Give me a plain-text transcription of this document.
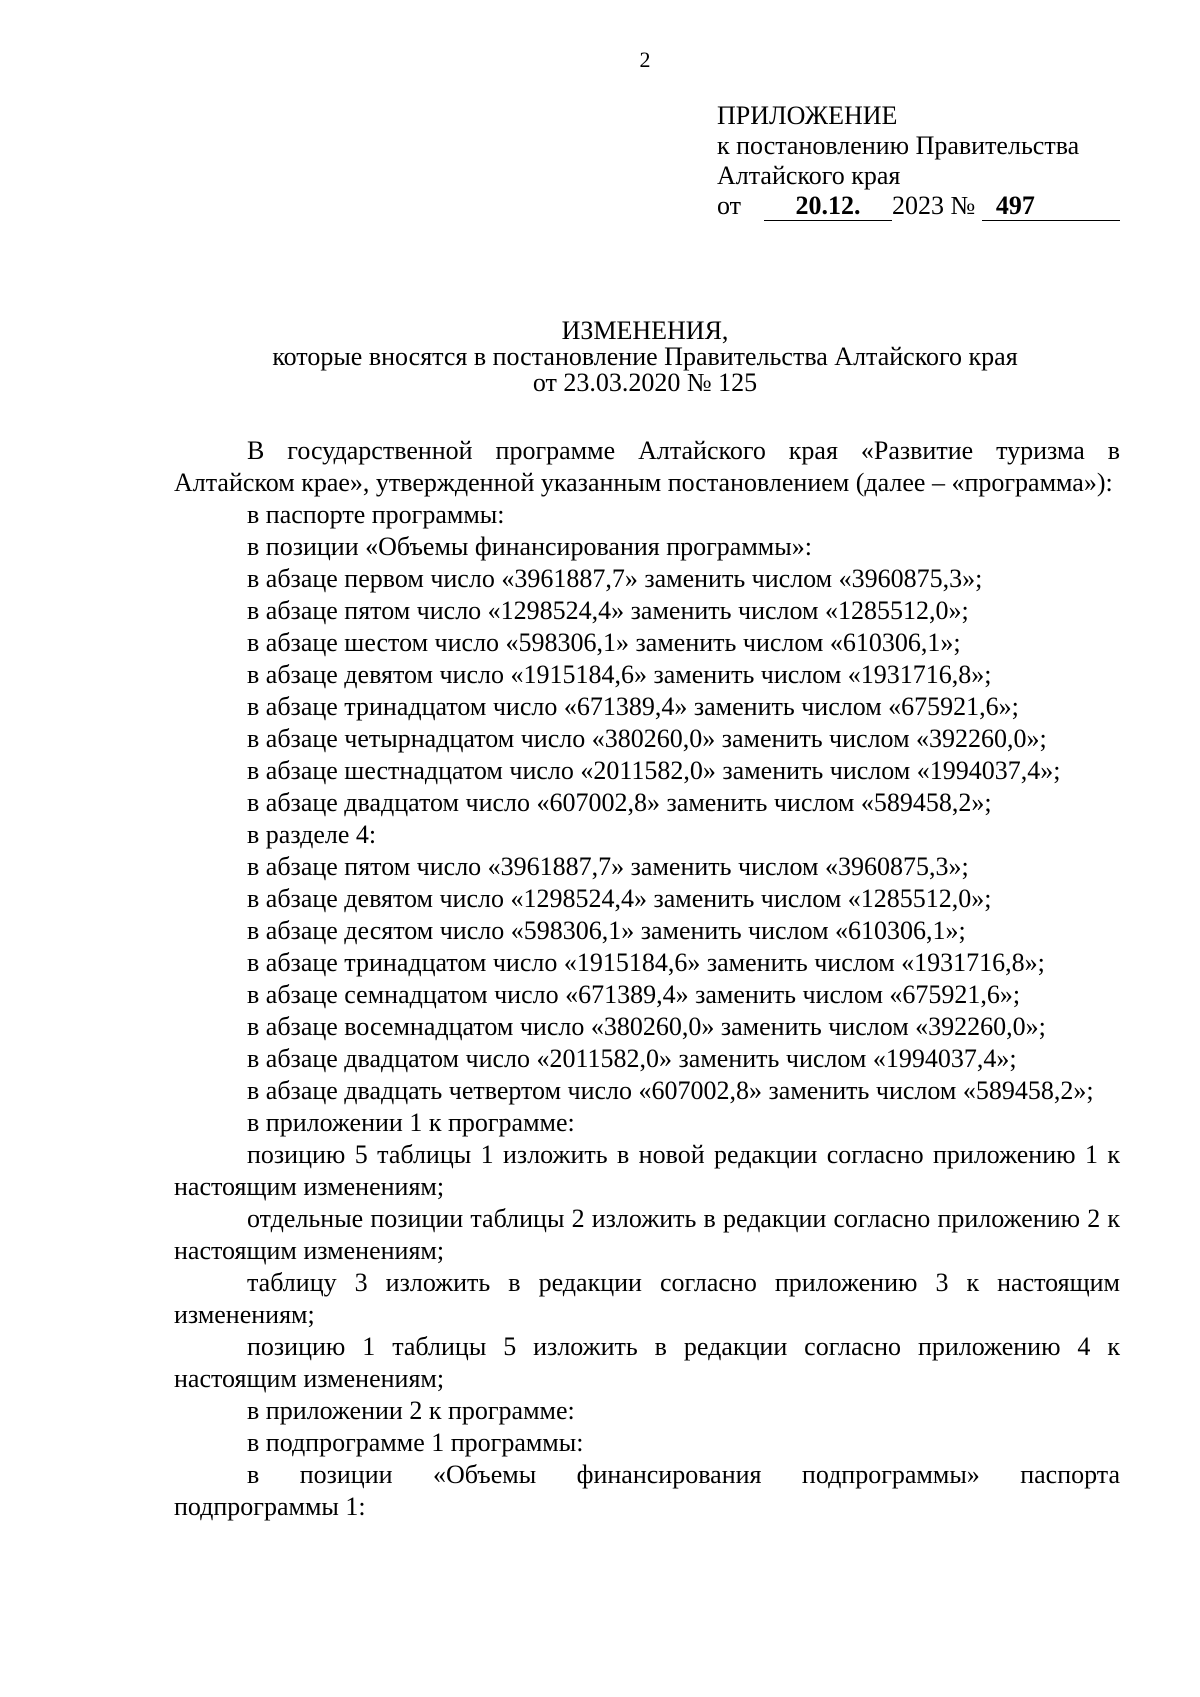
2
ПРИЛОЖЕНИЕ
к постановлению Правительства
Алтайского края
от 20.12. 2023 № 497
ИЗМЕНЕНИЯ,
которые вносятся в постановление Правительства Алтайского края
от 23.03.2020 № 125

В государственной программе Алтайского края «Развитие туризма в Алтайском крае», утвержденной указанным постановлением (далее – «программа»):

в паспорте программы:

в позиции «Объемы финансирования программы»:

в абзаце первом число «3961887,7» заменить числом «3960875,3»;

в абзаце пятом число «1298524,4» заменить числом «1285512,0»;

в абзаце шестом число «598306,1» заменить числом «610306,1»;

в абзаце девятом число «1915184,6» заменить числом «1931716,8»;

в абзаце тринадцатом число «671389,4» заменить числом «675921,6»;

в абзаце четырнадцатом число «380260,0» заменить числом «392260,0»;

в абзаце шестнадцатом число «2011582,0» заменить числом «1994037,4»;

в абзаце двадцатом число «607002,8» заменить числом «589458,2»;

в разделе 4:

в абзаце пятом число «3961887,7» заменить числом «3960875,3»;

в абзаце девятом число «1298524,4» заменить числом «1285512,0»;

в абзаце десятом число «598306,1» заменить числом «610306,1»;

в абзаце тринадцатом число «1915184,6» заменить числом «1931716,8»;

в абзаце семнадцатом число «671389,4» заменить числом «675921,6»;

в абзаце восемнадцатом число «380260,0» заменить числом «392260,0»;

в абзаце двадцатом число «2011582,0» заменить числом «1994037,4»;

в абзаце двадцать четвертом число «607002,8» заменить числом «589458,2»;

в приложении 1 к программе:

позицию 5 таблицы 1 изложить в новой редакции согласно приложению 1 к настоящим изменениям;

отдельные позиции таблицы 2 изложить в редакции согласно приложению 2 к настоящим изменениям;

таблицу 3 изложить в редакции согласно приложению 3 к настоящим изменениям;

позицию 1 таблицы 5 изложить в редакции согласно приложению 4 к настоящим изменениям;

в приложении 2 к программе:

в подпрограмме 1 программы:

в позиции «Объемы финансирования подпрограммы» паспорта подпрограммы 1:
